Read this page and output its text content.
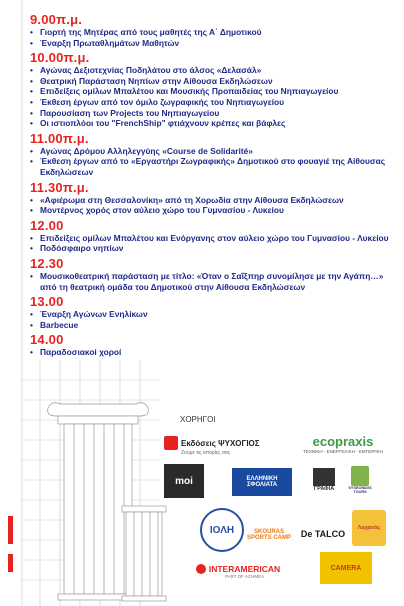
9.00π.μ.
• Γιορτή της Μητέρας από τους μαθητές της Α΄ Δημοτικού
• Έναρξη Πρωταθλημάτων Μαθητών
10.00π.μ.
• Αγώνας Δεξιοτεχνίας Ποδηλάτου στο άλσος «Δελασάλ»
• Θεατρική Παράσταση Νηπίων στην Αίθουσα Εκδηλώσεων
• Επιδείξεις ομίλων Μπαλέτου και Μουσικής Προπαιδείας του Νηπιαγωγείου
• Έκθεση έργων από τον όμιλο ζωγραφικής του Νηπιαγωγείου
• Παρουσίαση των Projects του Νηπιαγωγείου
• Οι ιστιοπλόοι του "FrenchShip" φτιάχνουν κρέπες και βάφλες
11.00π.μ.
• Αγώνας Δρόμου Αλληλεγγύης «Course de Solidarité»
• Έκθεση έργων από το «Εργαστήρι Ζωγραφικής» Δημοτικού στο φουαγιέ της Αίθουσας Εκδηλώσεων
11.30π.μ.
• «Αφιέρωμα στη Θεσσαλονίκη» από τη Χορωδία στην Αίθουσα Εκδηλώσεων
• Μοντέρνος χορός στον αύλειο χώρο του Γυμνασίου - Λυκείου
12.00
• Επιδείξεις ομίλων Μπαλέτου και Ενόργανης στον αύλειο χώρο του Γυμνασίου - Λυκείου
• Ποδόσφαιρο νηπίων
12.30
• Μουσικοθεατρική παράσταση με τίτλο: «Όταν ο Σαΐξπηρ συνομίλησε με την Αγάπη…» από τη θεατρική ομάδα του Δημοτικού στην Αίθουσα Εκδηλώσεων
13.00
• Έναρξη Αγώνων Ενηλίκων
• Barbecue
14.00
• Παραδοσιακοί χοροί
ΧΟΡΗΓΟΙ
Εκδόσεις ΨΥΧΟΓΙΟΣ
Ζούμε τις ιστορίες σας
ecopraxis
ΤΕΧΝΙΚΗ - ΕΝΕΡΓΕΙΑΚΗ - ΕΜΠΟΡΙΚΗ
moi	ΕΛΛΗΝΙΚΗ ΣΦΟΛΙΑΤΑ
ΓΡΑΦΙΑ	SYSEONIDIS TOURS
ΙΟΛΗ	SKOURAS SPORTS CAMP	De TALCO
Λαχανάς
INTERAMERICAN
PART OF ACHMEA
CAMERA
